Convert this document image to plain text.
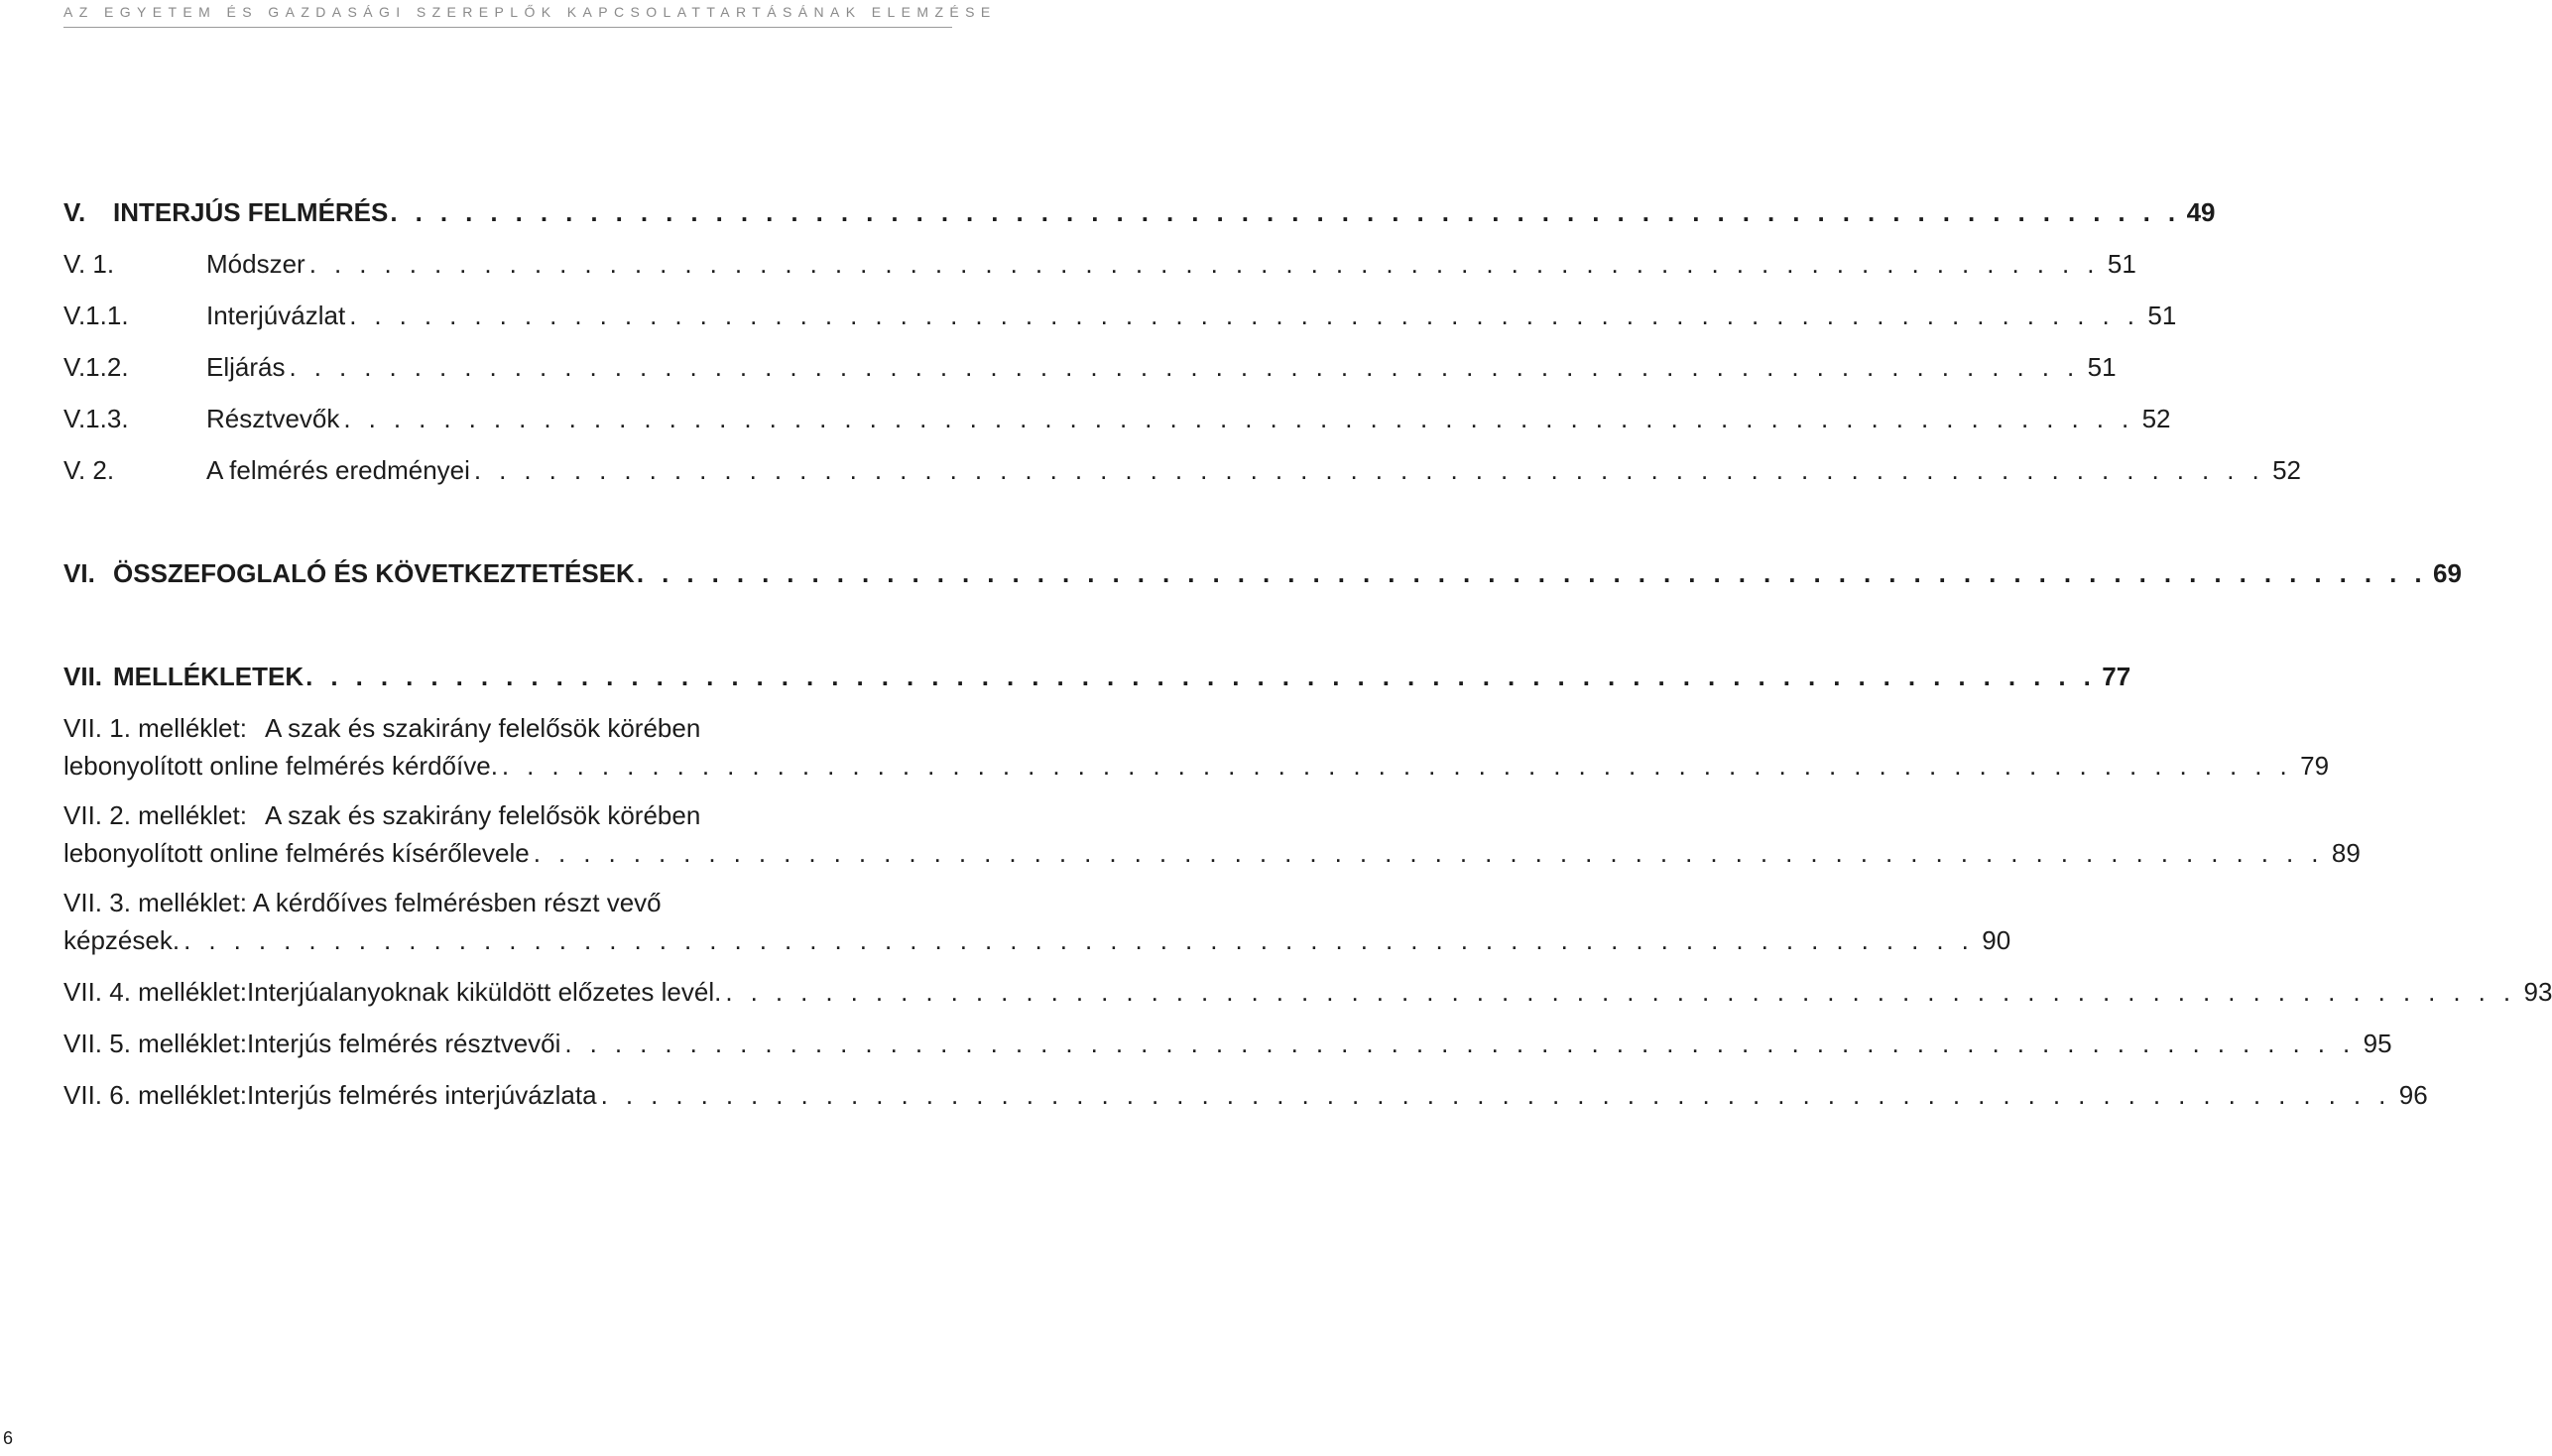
AZ EGYETEM ÉS GAZDASÁGI SZEREPLŐK KAPCSOLATTARTÁSÁNAK ELEMZÉSE
V.	INTERJÚS FELMÉRÉS . . . . . . . . . . . . . . . . . . . . . . . . . . . . . . . . . . . . . . . . . . . . . . . . . . . . . . . . . . . . . . . . . . . . . . . . 49
V. 1.	Módszer . . . . . . . . . . . . . . . . . . . . . . . . . . . . . . . . . . . . . . . . . . . . . . . . . . . . . . . . . . . . . . . . . . . . . . . . 51
V.1.1.	Interjúvázlat . . . . . . . . . . . . . . . . . . . . . . . . . . . . . . . . . . . . . . . . . . . . . . . . . . . . . . . . . . . . . . . . . . . . . . . . 51
V.1.2.	Eljárás . . . . . . . . . . . . . . . . . . . . . . . . . . . . . . . . . . . . . . . . . . . . . . . . . . . . . . . . . . . . . . . . . . . . . . . . 51
V.1.3.	Résztvevők . . . . . . . . . . . . . . . . . . . . . . . . . . . . . . . . . . . . . . . . . . . . . . . . . . . . . . . . . . . . . . . . . . . . . . . . 52
V. 2.	A felmérés eredményei . . . . . . . . . . . . . . . . . . . . . . . . . . . . . . . . . . . . . . . . . . . . . . . . . . . . . . . . . . . . . . . . . . . . . . . . 52
VI. ÖSSZEFOGLALÓ ÉS KÖVETKEZTETÉSEK . . . . . . . . . . . . . . . . . . . . . . . . . . . . . . . . . . . . . . . . . . . . . . . . . . . . . . . . . . . . . . . . . . . . . . . . 69
VII. MELLÉKLETEK . . . . . . . . . . . . . . . . . . . . . . . . . . . . . . . . . . . . . . . . . . . . . . . . . . . . . . . . . . . . . . . . . . . . . . . . 77
VII. 1. melléklet: A szak és szakirány felelősök körében
lebonyolított online felmérés kérdőíve. . . . . . . . . . . . . . . . . . . . . . . . . . . . . . . . . . . . . . . . . . . . . . . . . . . . . . . . . . . . . . . . . . . . . . . . . 79
VII. 2. melléklet: A szak és szakirány felelősök körében
lebonyolított online felmérés kísérőlevele . . . . . . . . . . . . . . . . . . . . . . . . . . . . . . . . . . . . . . . . . . . . . . . . . . . . . . . . . . . . . . . . . . . . . . . . 89
VII. 3. melléklet: A kérdőíves felmérésben részt vevő
képzések. . . . . . . . . . . . . . . . . . . . . . . . . . . . . . . . . . . . . . . . . . . . . . . . . . . . . . . . . . . . . . . . . . . . . . . . . 90
VII. 4. melléklet: Interjúalanyoknak kiküldött előzetes levél. . . . . . . . . . . . . . . . . . . . . . . . . . . . . . . . . . . . . . . . . . . . . . . . . . . . . . . . . . . . . . . . . . . . . . . . . 93
VII. 5. melléklet: Interjús felmérés résztvevői . . . . . . . . . . . . . . . . . . . . . . . . . . . . . . . . . . . . . . . . . . . . . . . . . . . . . . . . . . . . . . . . . . . . . . . . 95
VII. 6. melléklet: Interjús felmérés interjúvázlata . . . . . . . . . . . . . . . . . . . . . . . . . . . . . . . . . . . . . . . . . . . . . . . . . . . . . . . . . . . . . . . . . . . . . . . . 96
6
